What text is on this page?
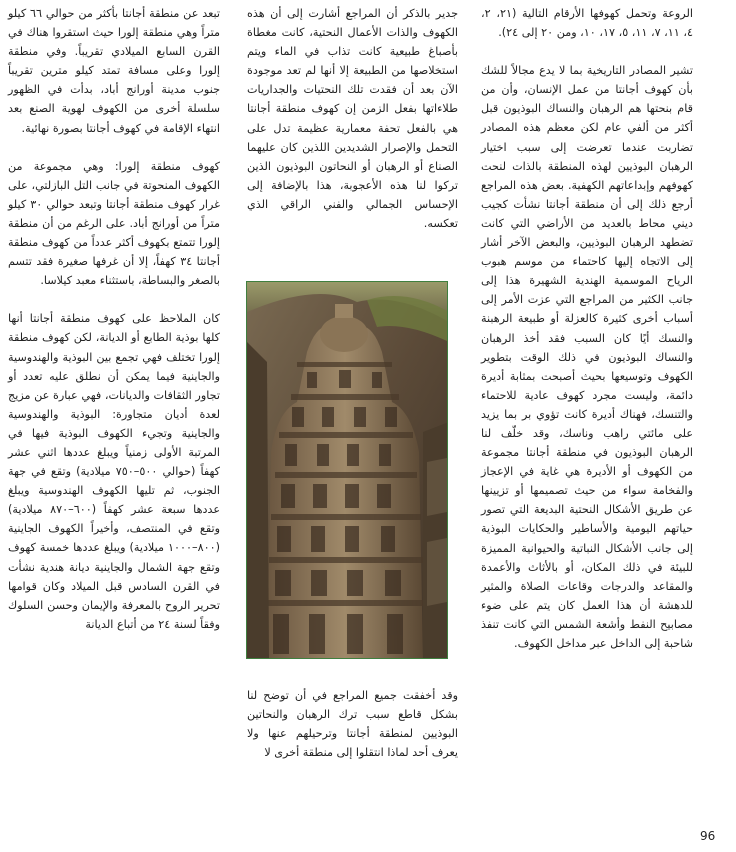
الروعة وتحمل كهوفها الأرقام التالية (٢١، ٢، ٤، ١١، ٧، ١١، ٥، ١٧، ١٠، ومن ٢٠ إلى ٢٤).

تشير المصادر التاريخية بما لا يدع مجالاً للشك بأن كهوف أجانتا من عمل الإنسان، وأن من قام بنحتها هم الرهبان والنساك البوذيون قبل أكثر من ألفي عام لكن معظم هذه المصادر تضاربت عندما تعرضت إلى سبب اختيار الرهبان البوذيين لهذه المنطقة بالذات لنحت كهوفهم وإبداعاتهم الكهفية. بعض هذه المراجع أرجع ذلك إلى أن منطقة أجانتا نشأت كجيب ديني محاط بالعديد من الأراضي التي كانت تضطهد الرهبان البوذيين، والبعض الآخر أشار إلى الاتجاه إليها كاحتماء من موسم هبوب الرياح الموسمية الهندية الشهيرة هذا إلى جانب الكثير من المراجع التي عزت الأمر إلى أسباب أخرى كثيرة كالعزلة أو طبيعة الرهبنة والنسك أيًا كان السبب فقد أخذ الرهبان والنساك البوذيون في ذلك الوقت بتطوير الكهوف وتوسيعها بحيث أصبحت بمثابة أديرة دائمة، وليست مجرد كهوف عادية للاحتماء والتنسك، فهناك أديرة كانت تؤوي بر بما يزيد على مائتي راهب وناسك، وقد خلّف لنا الرهبان البوذيون في منطقة أجانتا مجموعة من الكهوف أو الأديرة هي غاية في الإعجاز والفخامة سواء من حيث تصميمها أو تزيينها عن طريق الأشكال النحتية البديعة التي تصور حياتهم اليومية والأساطير والحكايات البوذية إلى جانب الأشكال النباتية والحيوانية المميزة للبيئة في ذلك المكان، أو بالأثاث والأعمدة والمقاعد والدرجات وقاعات الصلاة والمثير للدهشة أن هذا العمل كان يتم على ضوء مصابيح النفط وأشعة الشمس التي كانت تنفذ شاحبة إلى الداخل عبر مداخل الكهوف.

جدير بالذكر أن المراجع أشارت إلى أن هذه الكهوف والذات الأعمال النحتية، كانت مغطاة بأصباغ طبيعية كانت تذاب في الماء ويتم استخلاصها من الطبيعة إلا أنها لم تعد موجودة الآن بعد أن فقدت تلك النحتيات والجداريات طلاءاتها بفعل الزمن إن كهوف منطقة أجانتا هي بالفعل تحفة معمارية عظيمة تدل على التحمل والإصرار الشديدين اللذين كان عليهما الصناع أو الرهبان أو النحاتون البوذيون الذين تركوا لنا هذه الأعجوبة، هذا بالإضافة إلى الإحساس الجمالي والفني الراقي الذي تعكسه.

وقد أخفقت جميع المراجع في أن توضح لنا بشكل قاطع سبب ترك الرهبان والنحاتين البوذيين لمنطقة أجانتا وترحيلهم عنها ولا يعرف أحد لماذا انتقلوا إلى منطقة أخرى لا

تبعد عن منطقة أجانتا بأكثر من حوالي ٦٦ كيلو متراً وهي منطقة إلورا حيث استقروا هناك في القرن السابع الميلادي تقريباً. وفي منطقة إلورا وعلى مسافة تمتد كيلو مترين تقريباً جنوب مدينة أورانج أباد، بدأت في الظهور سلسلة أخرى من الكهوف لهوية الصنع بعد انتهاء الإقامة في كهوف أجانتا بصورة نهائية.

كهوف منطقة إلورا: وهي مجموعة من الكهوف المنحوتة في جانب التل البازلتي، على غرار كهوف منطقة أجانتا وتبعد حوالي ٣٠ كيلو متراً من أورانج أباد. على الرغم من أن منطقة إلورا تتمتع بكهوف أكثر عدداً من كهوف منطقة أجانتا ٣٤ كهفاً، إلا أن غرفها صغيرة فقد تتسم بالصغر والبساطة، باستثناء معبد كيلاسا.

كان الملاحظ على كهوف منطقة أجانتا أنها كلها بوذية الطابع أو الديانة، لكن كهوف منطقة إلورا تختلف فهي تجمع بين البوذية والهندوسية والجاينية فيما يمكن أن نطلق عليه تعدد أو تجاور الثقافات والديانات، فهي عبارة عن مزيج لعدة أديان متجاورة: البوذية والهندوسية والجاينية وتجيء الكهوف البوذية فيها في المرتبة الأولى زمنياً ويبلغ عددها اثني عشر كهفاً (حوالي ٥٠٠–٧٥٠ ميلادية) وتقع في جهة الجنوب، ثم تليها الكهوف الهندوسية ويبلغ عددها سبعة عشر كهفاً (٦٠٠–٨٧٠ ميلادية) وتقع في المنتصف، وأخيراً الكهوف الجاينية (٨٠٠–١٠٠٠ ميلادية) ويبلغ عددها خمسة كهوف وتقع جهة الشمال والجاينية ديانة هندية نشأت في القرن السادس قبل الميلاد وكان قوامها تحرير الروح بالمعرفة والإيمان وحسن السلوك وفقاً لسنة ٢٤ من أتباع الديانة

96
